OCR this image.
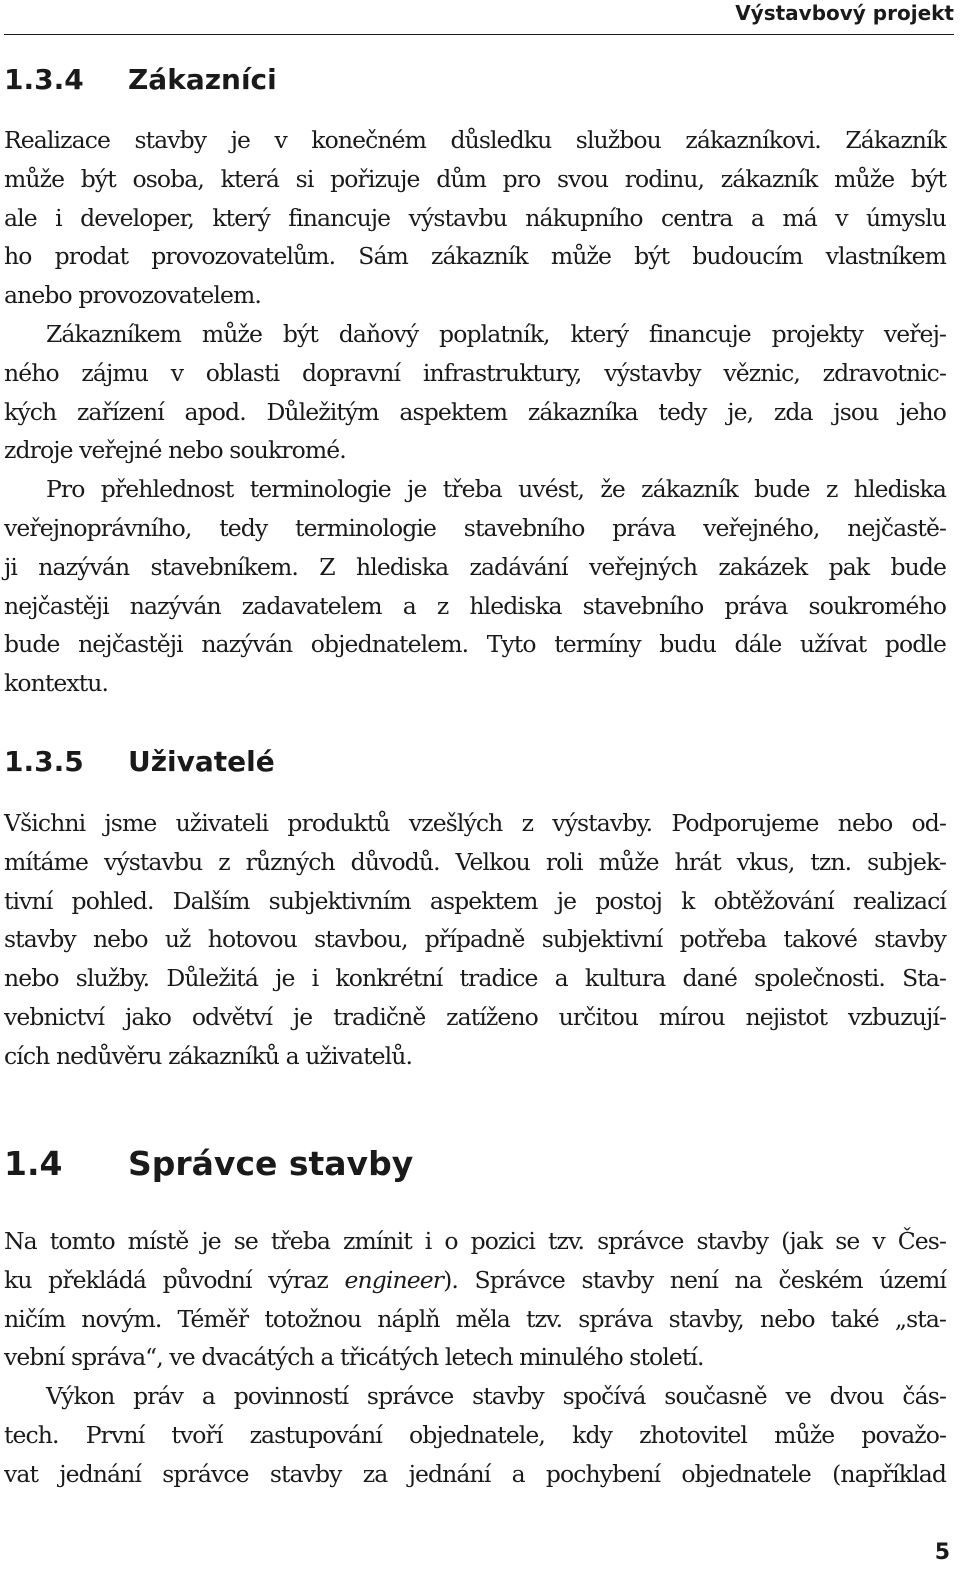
Výstavbový projekt
1.3.4 Zákazníci
Realizace stavby je v konečném důsledku službou zákazníkovi. Zákazník
může být osoba, která si pořizuje dům pro svou rodinu, zákazník může být
ale i developer, který financuje výstavbu nákupního centra a má v úmyslu
ho prodat provozovatelům. Sám zákazník může být budoucím vlastníkem
anebo provozovatelem.
Zákazníkem může být daňový poplatník, který financuje projekty veřej-
ného zájmu v oblasti dopravní infrastruktury, výstavby věznic, zdravotnic-
kých zařízení apod. Důležitým aspektem zákazníka tedy je, zda jsou jeho
zdroje veřejné nebo soukromé.
Pro přehlednost terminologie je třeba uvést, že zákazník bude z hlediska
veřejnoprávního, tedy terminologie stavebního práva veřejného, nejčastě-
ji nazýván stavebníkem. Z hlediska zadávání veřejných zakázek pak bude
nejčastěji nazýván zadavatelem a z hlediska stavebního práva soukromého
bude nejčastěji nazýván objednatelem. Tyto termíny budu dále užívat podle
kontextu.
1.3.5 Uživatelé
Všichni jsme uživateli produktů vzešlých z výstavby. Podporujeme nebo od-
mítáme výstavbu z různých důvodů. Velkou roli může hrát vkus, tzn. subjek-
tivní pohled. Dalším subjektivním aspektem je postoj k obtěžování realizací
stavby nebo už hotovou stavbou, případně subjektivní potřeba takové stavby
nebo služby. Důležitá je i konkrétní tradice a kultura dané společnosti. Sta-
vebnictví jako odvětví je tradičně zatíženo určitou mírou nejistot vzbuzují-
cích nedůvěru zákazníků a uživatelů.
1.4 Správce stavby
Na tomto místě je se třeba zmínit i o pozici tzv. správce stavby (jak se v Čes-
ku překládá původní výraz engineer). Správce stavby není na českém území
ničím novým. Téměř totožnou náplň měla tzv. správa stavby, nebo také „sta-
vební správa“, ve dvacátých a třicátých letech minulého století.
Výkon práv a povinností správce stavby spočívá současně ve dvou čás-
tech. První tvoří zastupování objednatele, kdy zhotovitel může považo-
vat jednání správce stavby za jednání a pochybení objednatele (například
5
